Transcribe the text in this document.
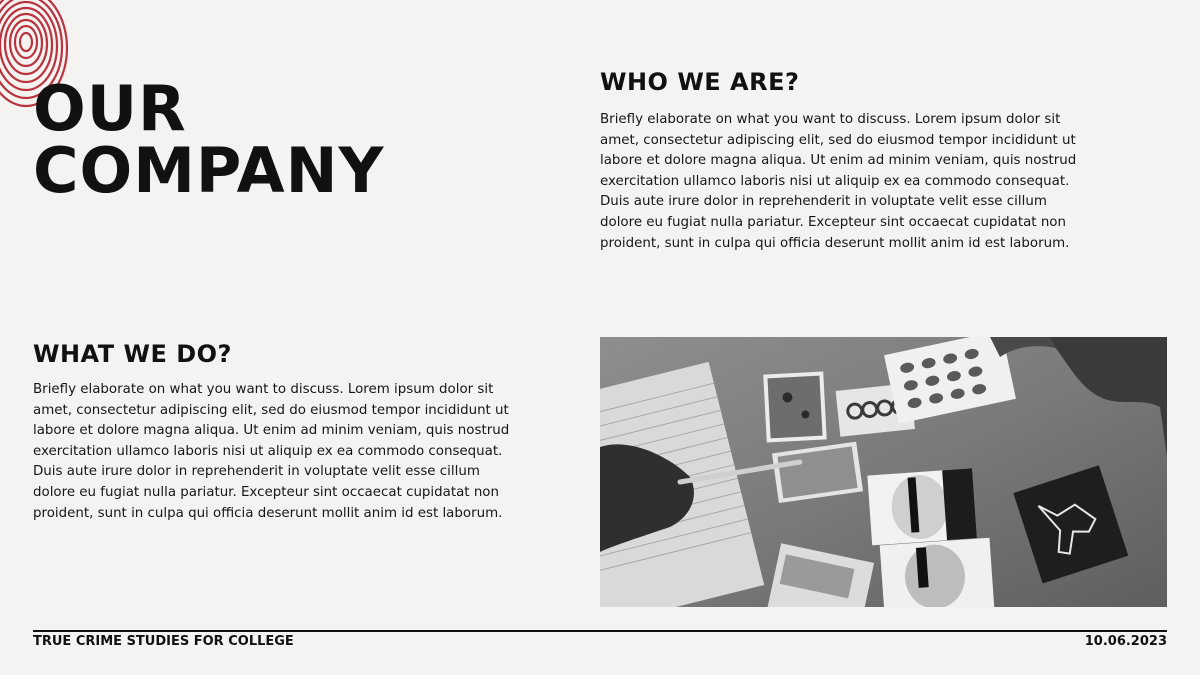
OUR
COMPANY
WHO WE ARE?

Briefly elaborate on what you want to discuss. Lorem ipsum dolor sit amet, consectetur adipiscing elit, sed do eiusmod tempor incididunt ut labore et dolore magna aliqua. Ut enim ad minim veniam, quis nostrud exercitation ullamco laboris nisi ut aliquip ex ea commodo consequat. Duis aute irure dolor in reprehenderit in voluptate velit esse cillum dolore eu fugiat nulla pariatur. Excepteur sint occaecat cupidatat non proident, sunt in culpa qui officia deserunt mollit anim id est laborum.

WHAT WE DO?

Briefly elaborate on what you want to discuss. Lorem ipsum dolor sit amet, consectetur adipiscing elit, sed do eiusmod tempor incididunt ut labore et dolore magna aliqua. Ut enim ad minim veniam, quis nostrud exercitation ullamco laboris nisi ut aliquip ex ea commodo consequat. Duis aute irure dolor in reprehenderit in voluptate velit esse cillum dolore eu fugiat nulla pariatur. Excepteur sint occaecat cupidatat non proident, sunt in culpa qui officia deserunt mollit anim id est laborum.

TRUE CRIME STUDIES FOR COLLEGE	10.06.2023
